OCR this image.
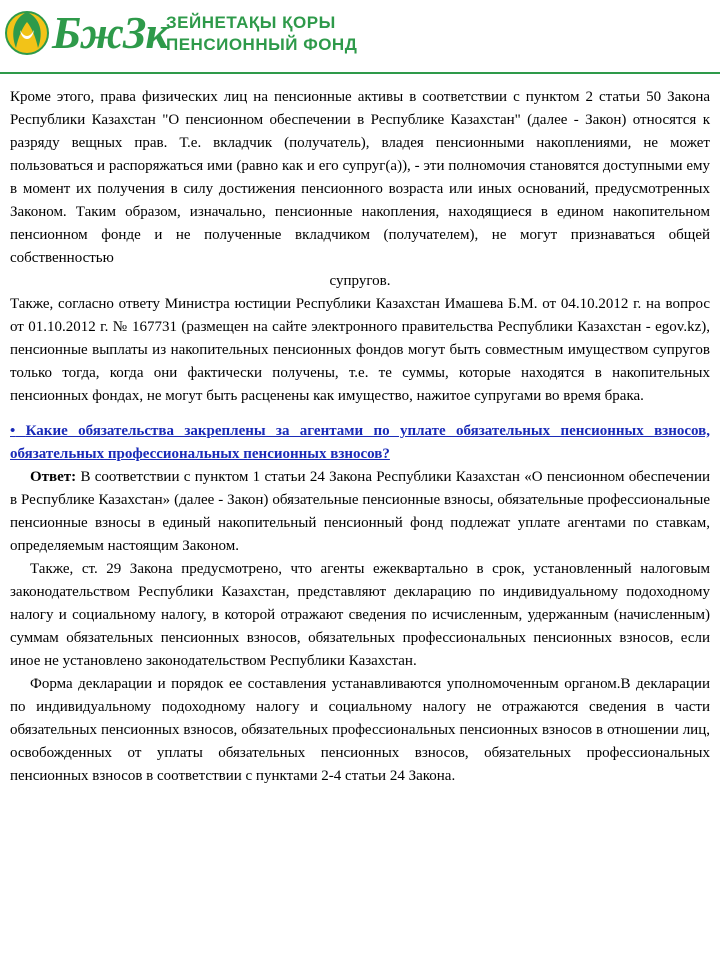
БжЗк
ЗЕЙНЕТАҚЫ ҚОРЫ
ПЕНСИОННЫЙ ФОНД

Кроме этого, права физических лиц на пенсионные активы в соответствии с пунктом 2 статьи 50 Закона Республики Казахстан "О пенсионном обеспечении в Республике Казахстан" (далее - Закон) относятся к разряду вещных прав. Т.е. вкладчик (получатель), владея пенсионными накоплениями, не может пользоваться и распоряжаться ими (равно как и его супруг(а)), - эти полномочия становятся доступными ему в момент их получения в силу достижения пенсионного возраста или иных оснований, предусмотренных Законом. Таким образом, изначально, пенсионные накопления, находящиеся в едином накопительном пенсионном фонде и не полученные вкладчиком (получателем), не могут признаваться общей собственностью

супругов.

Также, согласно ответу Министра юстиции Республики Казахстан Имашева Б.М. от 04.10.2012 г. на вопрос от 01.10.2012 г. № 167731 (размещен на сайте электронного правительства Республики Казахстан - egov.kz), пенсионные выплаты из накопительных пенсионных фондов могут быть совместным имуществом супругов только тогда, когда они фактически получены, т.е. те суммы, которые находятся в накопительных пенсионных фондах, не могут быть расценены как имущество, нажитое супругами во время брака.

• Какие обязательства закреплены за агентами по уплате обязательных пенсионных взносов, обязательных профессиональных пенсионных взносов?

Ответ: В соответствии с пунктом 1 статьи 24 Закона Республики Казахстан «О пенсионном обеспечении в Республике Казахстан» (далее - Закон) обязательные пенсионные взносы, обязательные профессиональные пенсионные взносы в единый накопительный пенсионный фонд подлежат уплате агентами по ставкам, определяемым настоящим Законом.

Также, ст. 29 Закона предусмотрено, что агенты ежеквартально в срок, установленный налоговым законодательством Республики Казахстан, представляют декларацию по индивидуальному подоходному налогу и социальному налогу, в которой отражают сведения по исчисленным, удержанным (начисленным) суммам обязательных пенсионных взносов, обязательных профессиональных пенсионных взносов, если иное не установлено законодательством Республики Казахстан.

Форма декларации и порядок ее составления устанавливаются уполномоченным органом.В декларации по индивидуальному подоходному налогу и социальному налогу не отражаются сведения в части обязательных пенсионных взносов, обязательных профессиональных пенсионных взносов в отношении лиц, освобожденных от уплаты обязательных пенсионных взносов, обязательных профессиональных пенсионных взносов в соответствии с пунктами 2-4 статьи 24 Закона.
